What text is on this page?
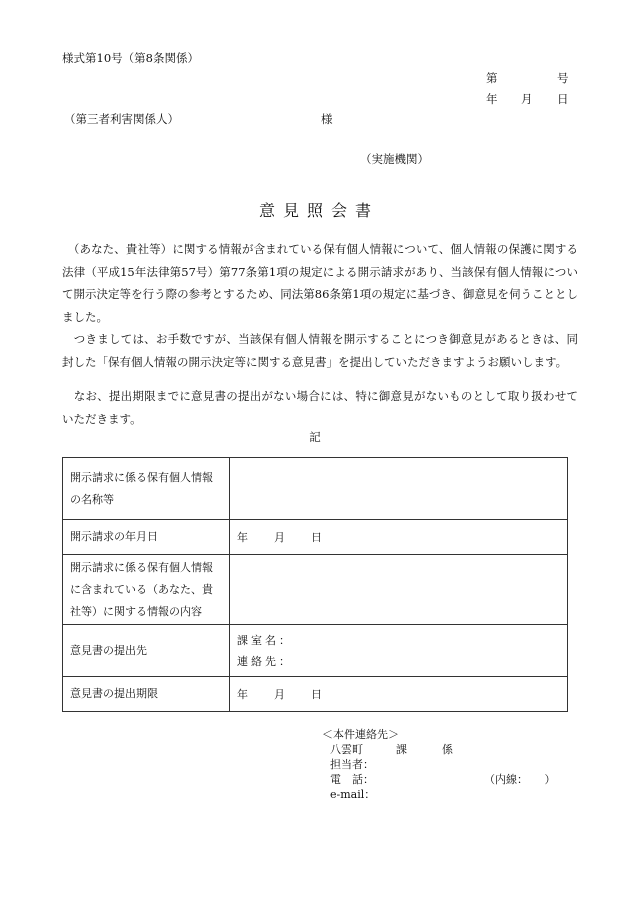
様式第10号（第8条関係）
第	号
年 月 日
（第三者利害関係人）	様
（実施機関）
意見照会書
　（あなた、貴社等）に関する情報が含まれている保有個人情報について、個人情報の保護に関する法律（平成15年法律第57号）第77条第1項の規定による開示請求があり、当該保有個人情報について開示決定等を行う際の参考とするため、同法第86条第1項の規定に基づき、御意見を伺うこととしました。
　つきましては、お手数ですが、当該保有個人情報を開示することにつき御意見があるときは、同封した「保有個人情報の開示決定等に関する意見書」を提出していただきますようお願いします。
　なお、提出期限までに意見書の提出がない場合には、特に御意見がないものとして取り扱わせていただきます。
記
開示請求に係る保有個人情報の名称等	
開示請求の年月日	年 月 日
開示請求に係る保有個人情報に含まれている（あなた、貴社等）に関する情報の内容	
意見書の提出先	課室名：
連絡先：

意見書の提出期限	年 月 日
＜本件連絡先＞
八雲町	課	係
担当者：
電　話：	（内線：　　）
e-mail：
